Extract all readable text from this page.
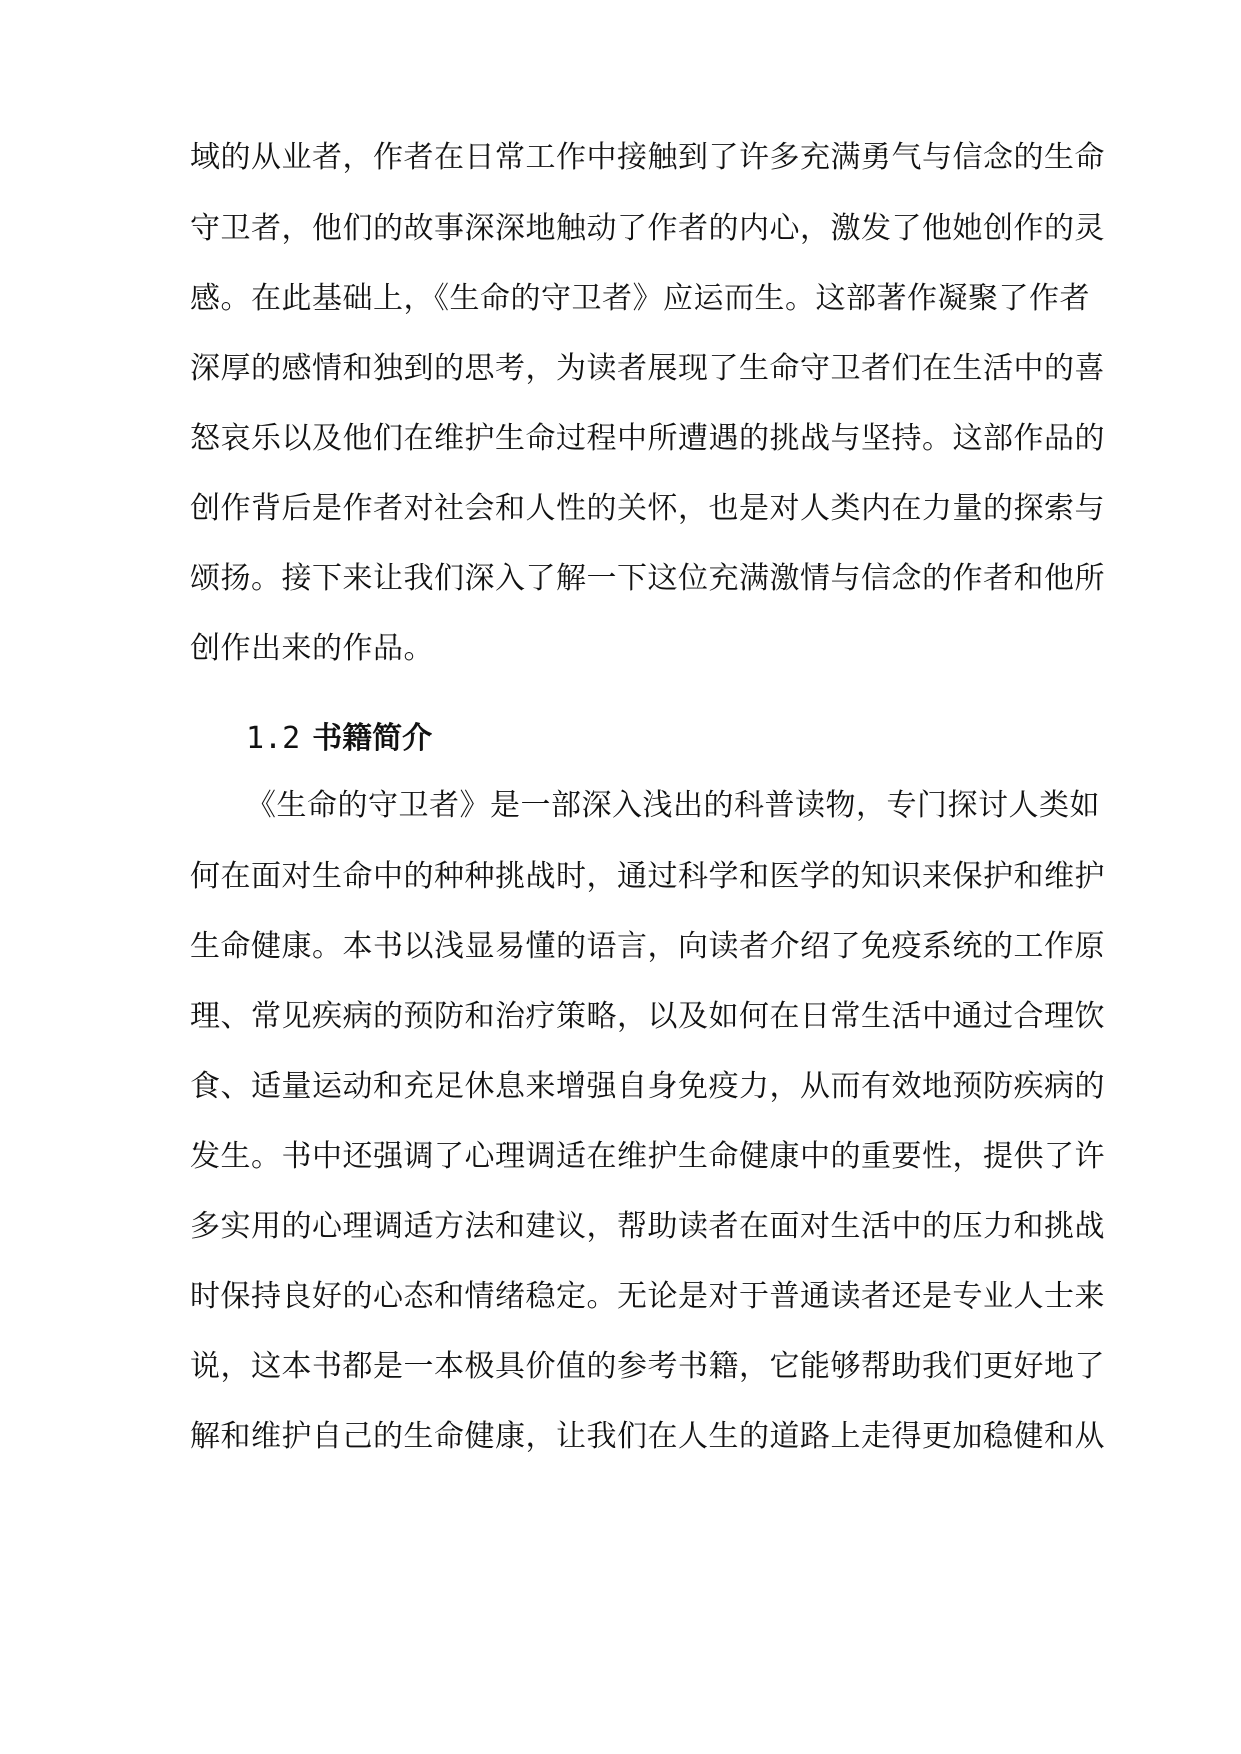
域的从业者，作者在日常工作中接触到了许多充满勇气与信念的生命
守卫者，他们的故事深深地触动了作者的内心，激发了他她创作的灵
感。在此基础上，《生命的守卫者》应运而生。这部著作凝聚了作者
深厚的感情和独到的思考，为读者展现了生命守卫者们在生活中的喜
怒哀乐以及他们在维护生命过程中所遭遇的挑战与坚持。这部作品的
创作背后是作者对社会和人性的关怀，也是对人类内在力量的探索与
颂扬。接下来让我们深入了解一下这位充满激情与信念的作者和他所
创作出来的作品。
1.2 书籍简介
《生命的守卫者》是一部深入浅出的科普读物，专门探讨人类如
何在面对生命中的种种挑战时，通过科学和医学的知识来保护和维护
生命健康。本书以浅显易懂的语言，向读者介绍了免疫系统的工作原
理、常见疾病的预防和治疗策略，以及如何在日常生活中通过合理饮
食、适量运动和充足休息来增强自身免疫力，从而有效地预防疾病的
发生。书中还强调了心理调适在维护生命健康中的重要性，提供了许
多实用的心理调适方法和建议，帮助读者在面对生活中的压力和挑战
时保持良好的心态和情绪稳定。无论是对于普通读者还是专业人士来
说，这本书都是一本极具价值的参考书籍，它能够帮助我们更好地了
解和维护自己的生命健康，让我们在人生的道路上走得更加稳健和从
